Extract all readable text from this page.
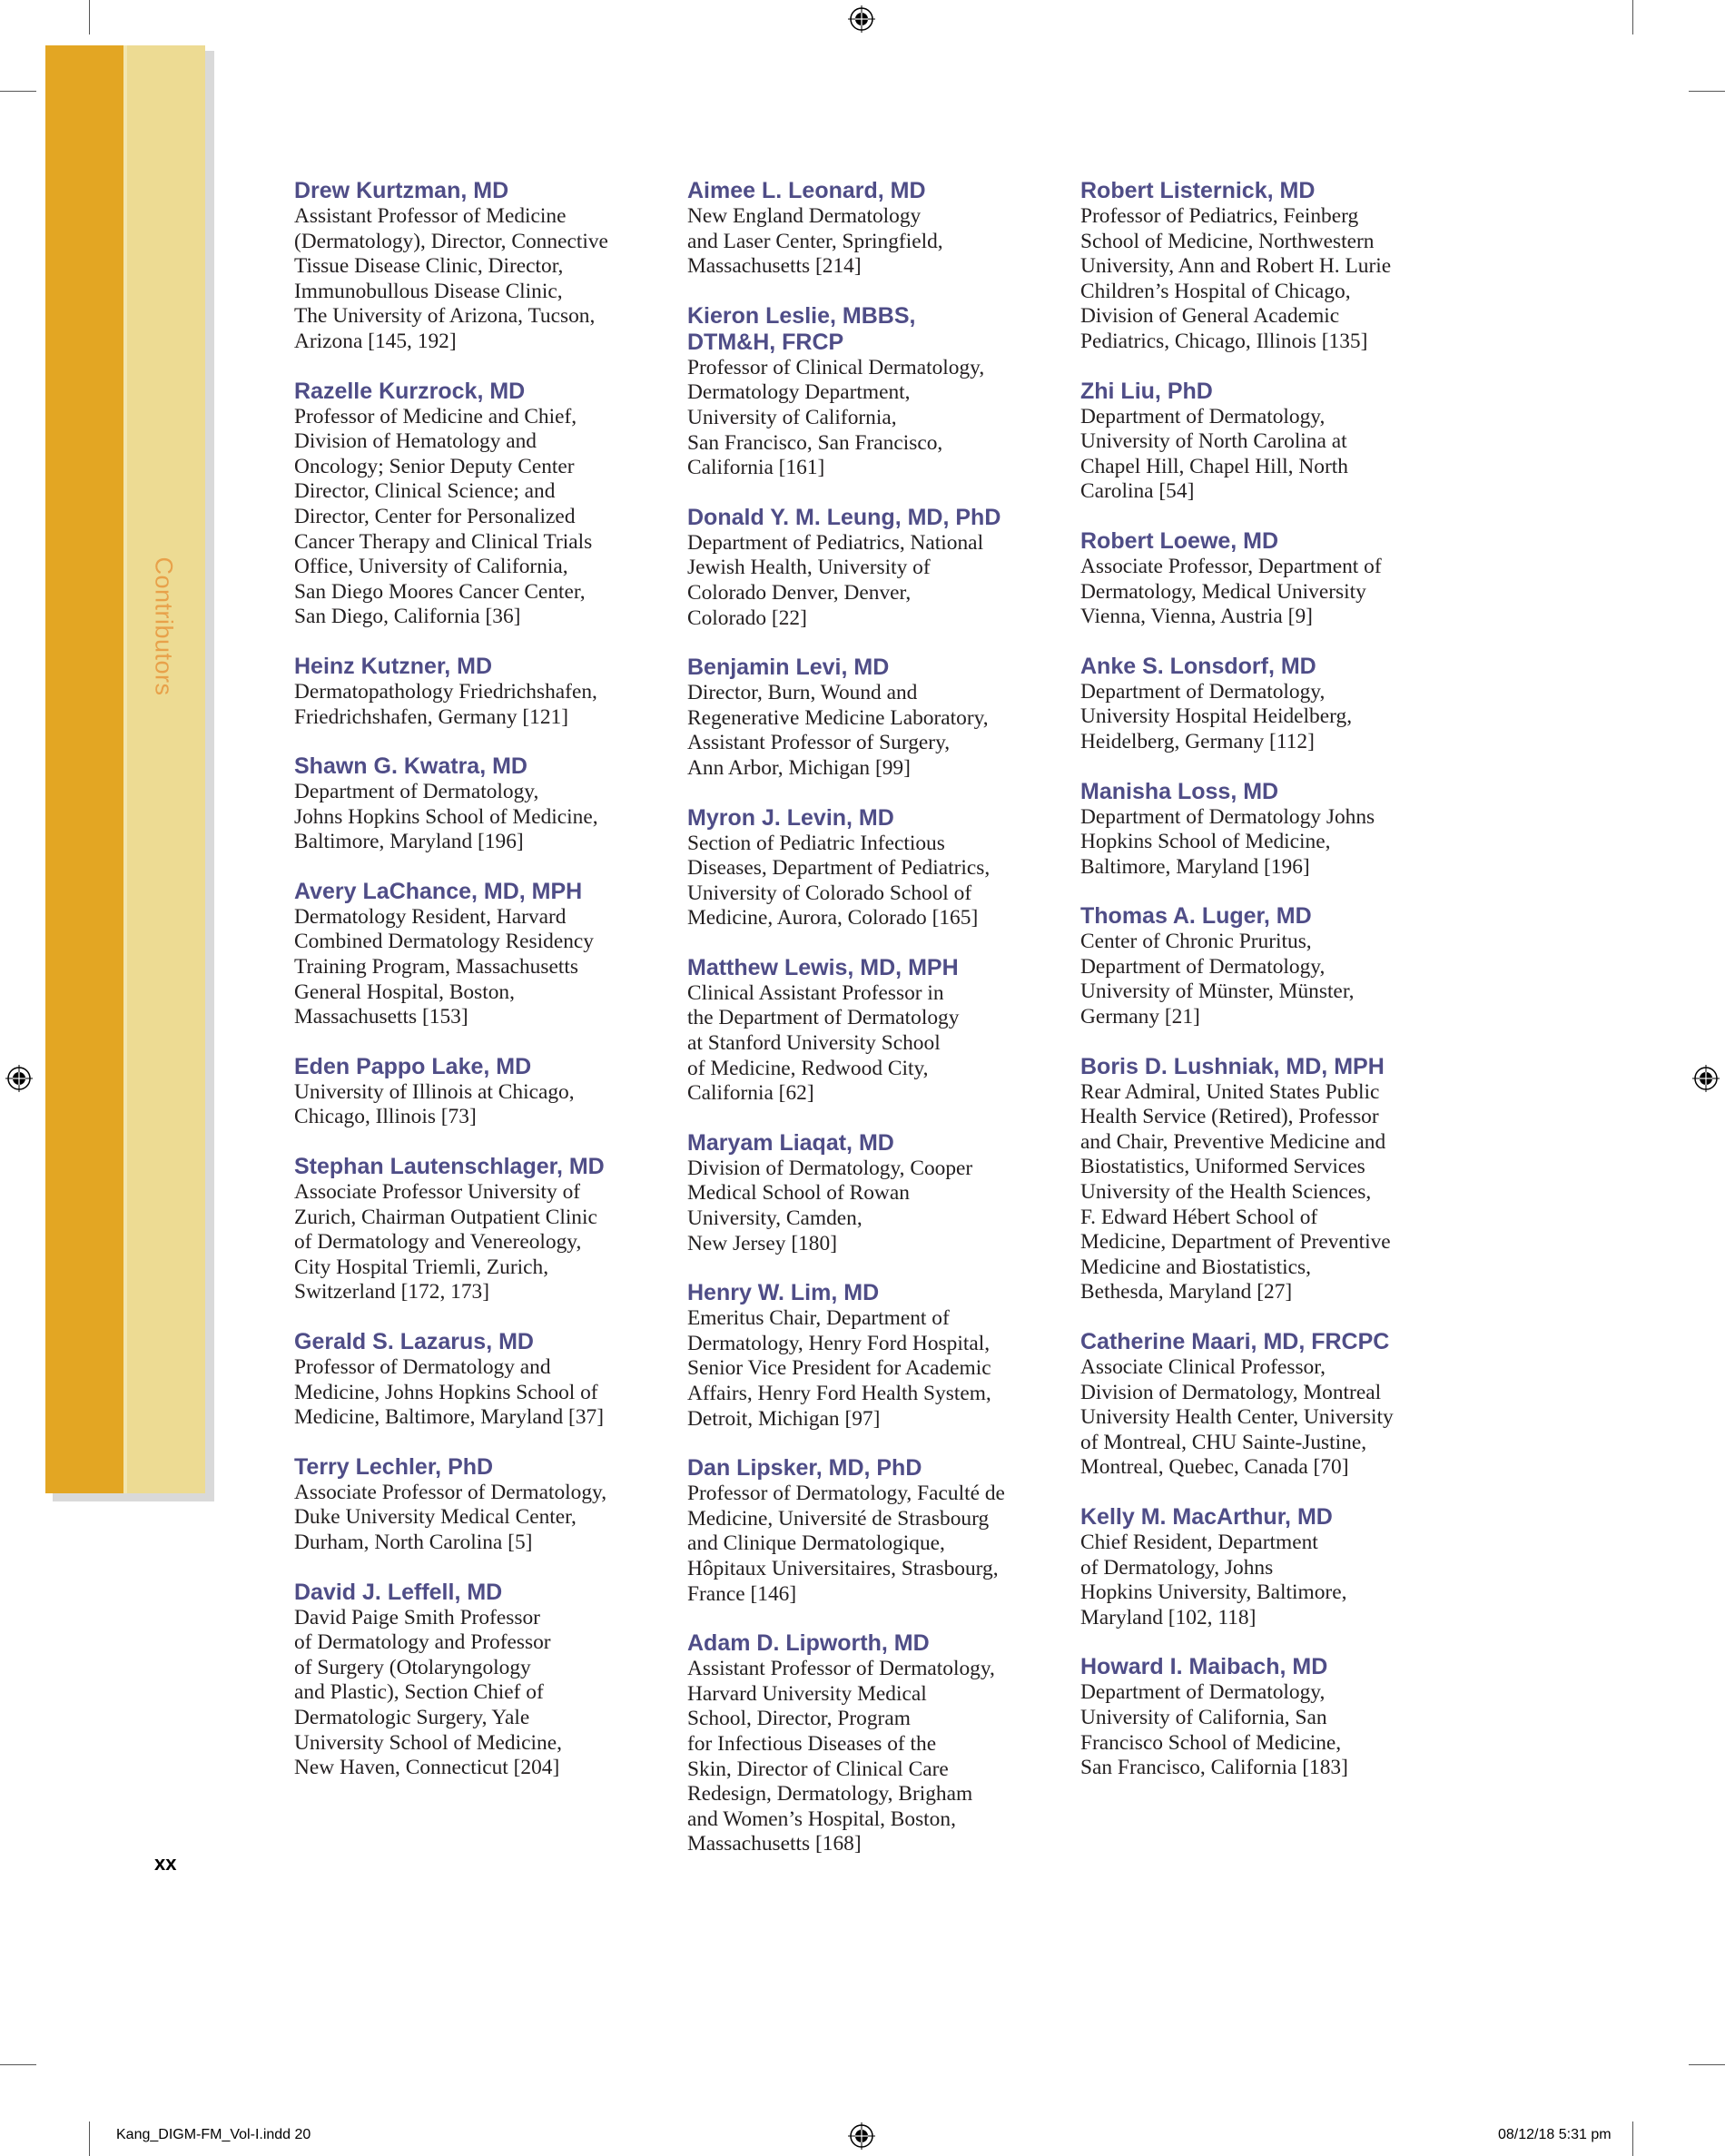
Contributors
Drew Kurtzman, MD
Assistant Professor of Medicine
(Dermatology), Director, Connective
Tissue Disease Clinic, Director,
Immunobullous Disease Clinic,
The University of Arizona, Tucson,
Arizona [145, 192]
Razelle Kurzrock, MD
Professor of Medicine and Chief,
Division of Hematology and
Oncology; Senior Deputy Center
Director, Clinical Science; and
Director, Center for Personalized
Cancer Therapy and Clinical Trials
Office, University of California,
San Diego Moores Cancer Center,
San Diego, California [36]
Heinz Kutzner, MD
Dermatopathology Friedrichshafen,
Friedrichshafen, Germany [121]
Shawn G. Kwatra, MD
Department of Dermatology,
Johns Hopkins School of Medicine,
Baltimore, Maryland [196]
Avery LaChance, MD, MPH
Dermatology Resident, Harvard
Combined Dermatology Residency
Training Program, Massachusetts
General Hospital, Boston,
Massachusetts [153]
Eden Pappo Lake, MD
University of Illinois at Chicago,
Chicago, Illinois [73]
Stephan Lautenschlager, MD
Associate Professor University of
Zurich, Chairman Outpatient Clinic
of Dermatology and Venereology,
City Hospital Triemli, Zurich,
Switzerland [172, 173]
Gerald S. Lazarus, MD
Professor of Dermatology and
Medicine, Johns Hopkins School of
Medicine, Baltimore, Maryland [37]
Terry Lechler, PhD
Associate Professor of Dermatology,
Duke University Medical Center,
Durham, North Carolina [5]
David J. Leffell, MD
David Paige Smith Professor
of Dermatology and Professor
of Surgery (Otolaryngology
and Plastic), Section Chief of
Dermatologic Surgery, Yale
University School of Medicine,
New Haven, Connecticut [204]
Aimee L. Leonard, MD
New England Dermatology
and Laser Center, Springfield,
Massachusetts [214]
Kieron Leslie, MBBS,
DTM&H, FRCP
Professor of Clinical Dermatology,
Dermatology Department,
University of California,
San Francisco, San Francisco,
California [161]
Donald Y. M. Leung, MD, PhD
Department of Pediatrics, National
Jewish Health, University of
Colorado Denver, Denver,
Colorado [22]
Benjamin Levi, MD
Director, Burn, Wound and
Regenerative Medicine Laboratory,
Assistant Professor of Surgery,
Ann Arbor, Michigan [99]
Myron J. Levin, MD
Section of Pediatric Infectious
Diseases, Department of Pediatrics,
University of Colorado School of
Medicine, Aurora, Colorado [165]
Matthew Lewis, MD, MPH
Clinical Assistant Professor in
the Department of Dermatology
at Stanford University School
of Medicine, Redwood City,
California [62]
Maryam Liaqat, MD
Division of Dermatology, Cooper
Medical School of Rowan
University, Camden,
New Jersey [180]
Henry W. Lim, MD
Emeritus Chair, Department of
Dermatology, Henry Ford Hospital,
Senior Vice President for Academic
Affairs, Henry Ford Health System,
Detroit, Michigan [97]
Dan Lipsker, MD, PhD
Professor of Dermatology, Faculté de
Medicine, Université de Strasbourg
and Clinique Dermatologique,
Hôpitaux Universitaires, Strasbourg,
France [146]
Adam D. Lipworth, MD
Assistant Professor of Dermatology,
Harvard University Medical
School, Director, Program
for Infectious Diseases of the
Skin, Director of Clinical Care
Redesign, Dermatology, Brigham
and Women’s Hospital, Boston,
Massachusetts [168]
Robert Listernick, MD
Professor of Pediatrics, Feinberg
School of Medicine, Northwestern
University, Ann and Robert H. Lurie
Children’s Hospital of Chicago,
Division of General Academic
Pediatrics, Chicago, Illinois [135]
Zhi Liu, PhD
Department of Dermatology,
University of North Carolina at
Chapel Hill, Chapel Hill, North
Carolina [54]
Robert Loewe, MD
Associate Professor, Department of
Dermatology, Medical University
Vienna, Vienna, Austria [9]
Anke S. Lonsdorf, MD
Department of Dermatology,
University Hospital Heidelberg,
Heidelberg, Germany [112]
Manisha Loss, MD
Department of Dermatology Johns
Hopkins School of Medicine,
Baltimore, Maryland [196]
Thomas A. Luger, MD
Center of Chronic Pruritus,
Department of Dermatology,
University of Münster, Münster,
Germany [21]
Boris D. Lushniak, MD, MPH
Rear Admiral, United States Public
Health Service (Retired), Professor
and Chair, Preventive Medicine and
Biostatistics, Uniformed Services
University of the Health Sciences,
F. Edward Hébert School of
Medicine, Department of Preventive
Medicine and Biostatistics,
Bethesda, Maryland [27]
Catherine Maari, MD, FRCPC
Associate Clinical Professor,
Division of Dermatology, Montreal
University Health Center, University
of Montreal, CHU Sainte-Justine,
Montreal, Quebec, Canada [70]
Kelly M. MacArthur, MD
Chief Resident, Department
of Dermatology, Johns
Hopkins University, Baltimore,
Maryland [102, 118]
Howard I. Maibach, MD
Department of Dermatology,
University of California, San
Francisco School of Medicine,
San Francisco, California [183]
xx
Kang_DIGM-FM_Vol-I.indd 20	08/12/18 5:31 pm
